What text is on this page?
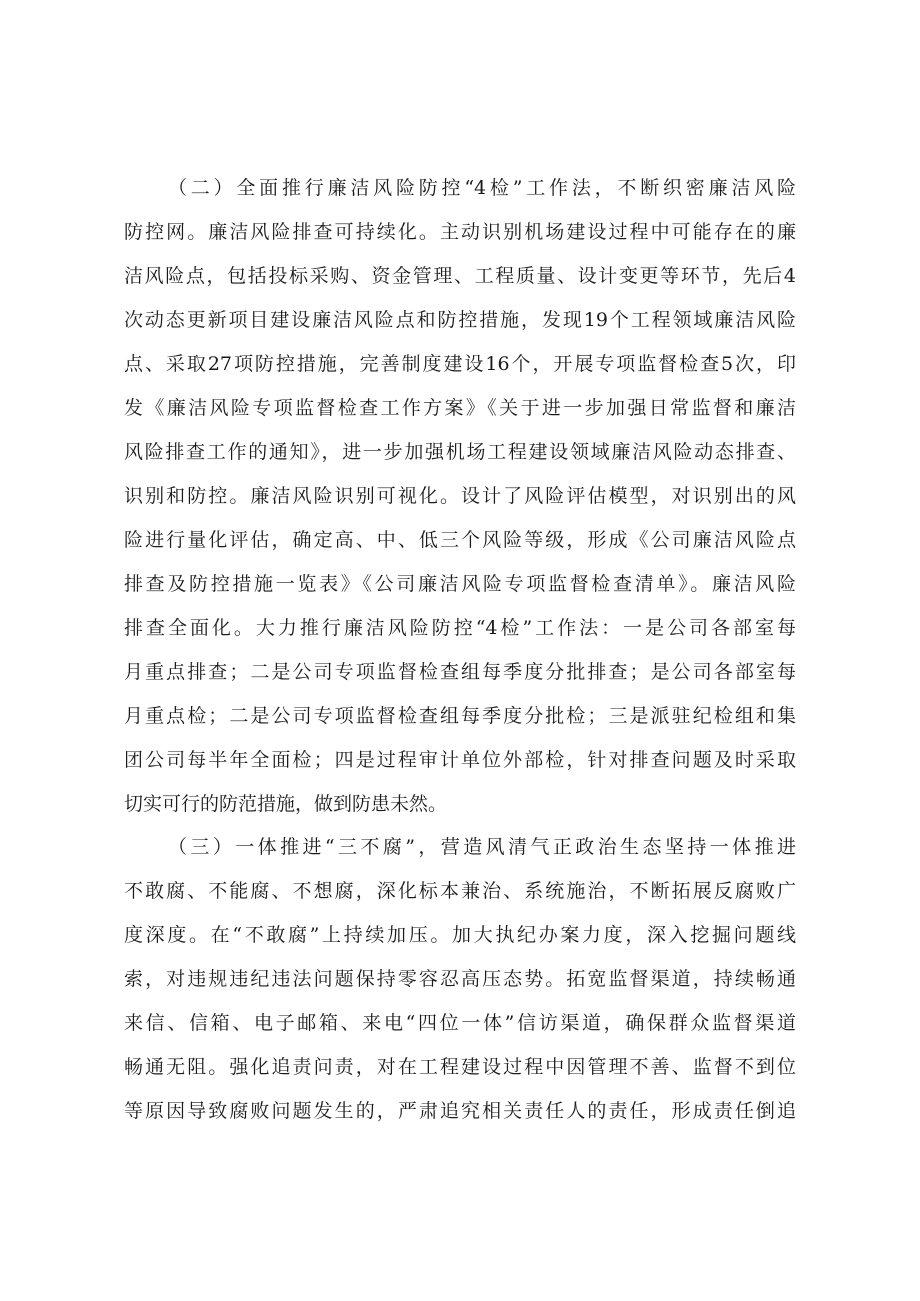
（二）全面推行廉洁风险防控“4检”工作法，不断织密廉洁风险
防控网。廉洁风险排查可持续化。主动识别机场建设过程中可能存在的廉
洁风险点，包括投标采购、资金管理、工程质量、设计变更等环节，先后4
次动态更新项目建设廉洁风险点和防控措施，发现19个工程领域廉洁风险
点、采取27项防控措施，完善制度建设16个，开展专项监督检查5次，印
发《廉洁风险专项监督检查工作方案》《关于进一步加强日常监督和廉洁
风险排查工作的通知》，进一步加强机场工程建设领域廉洁风险动态排查、
识别和防控。廉洁风险识别可视化。设计了风险评估模型，对识别出的风
险进行量化评估，确定高、中、低三个风险等级，形成《公司廉洁风险点
排查及防控措施一览表》《公司廉洁风险专项监督检查清单》。廉洁风险
排查全面化。大力推行廉洁风险防控“4检”工作法：一是公司各部室每
月重点排查；二是公司专项监督检查组每季度分批排查；是公司各部室每
月重点检；二是公司专项监督检查组每季度分批检；三是派驻纪检组和集
团公司每半年全面检；四是过程审计单位外部检，针对排查问题及时采取
切实可行的防范措施，做到防患未然。
（三）一体推进“三不腐”，营造风清气正政治生态坚持一体推进
不敢腐、不能腐、不想腐，深化标本兼治、系统施治，不断拓展反腐败广
度深度。在“不敢腐”上持续加压。加大执纪办案力度，深入挖掘问题线
索，对违规违纪违法问题保持零容忍高压态势。拓宽监督渠道，持续畅通
来信、信箱、电子邮箱、来电“四位一体”信访渠道，确保群众监督渠道
畅通无阻。强化追责问责，对在工程建设过程中因管理不善、监督不到位
等原因导致腐败问题发生的，严肃追究相关责任人的责任，形成责任倒追
